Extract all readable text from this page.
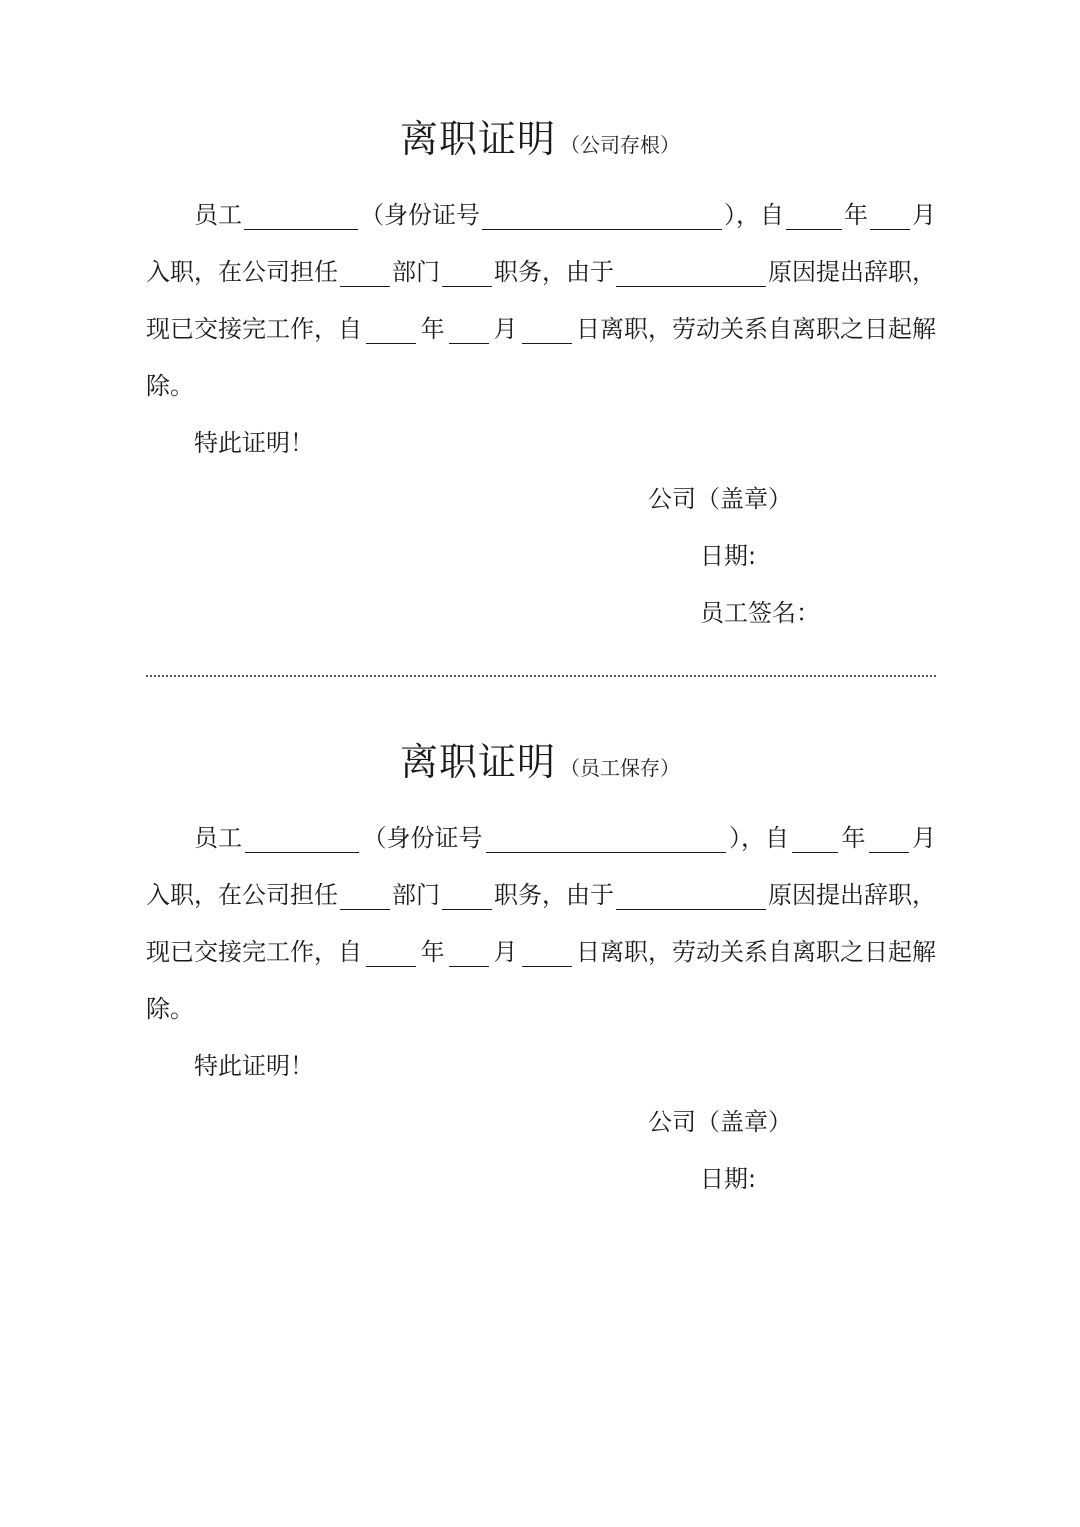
离职证明 （公司存根）
员工	（身份证号	），自	年 月
入职，在公司担任 部门 职务，由于	原因提出辞职，
现已交接完工作，自 年 月 日离职，劳动关系自离职之日起解
除。
特此证明！
公司（盖章）
日期:
员工签名：
离职证明 （员工保存）
员工	（身份证号	），自 年 月
入职，在公司担任 部门 职务，由于	原因提出辞职，
现已交接完工作，自 年 月 日离职，劳动关系自离职之日起解
除。
特此证明！
公司（盖章）
日期:
